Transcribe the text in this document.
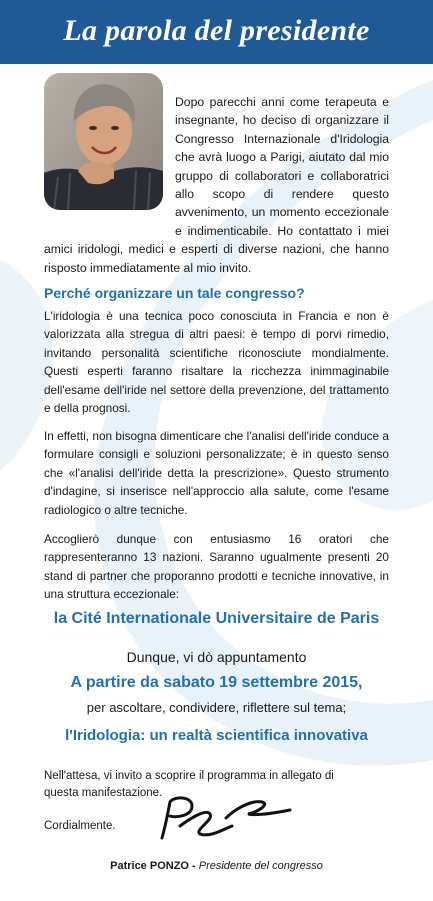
La parola del presidente
Dopo parecchi anni come terapeuta e insegnante, ho deciso di organizzare il Congresso Internazionale d'Iridologia che avrà luogo a Parigi, aiutato dal mio gruppo di collaboratori e collaboratrici allo scopo di rendere questo avvenimento, un momento eccezionale e indimenticabile. Ho contattato i miei amici iridologi, medici e esperti di diverse nazioni, che hanno risposto immediatamente al mio invito.
Perché organizzare un tale congresso?
L'iridologia è una tecnica poco conosciuta in Francia e non è valorizzata alla stregua di altri paesi: è tempo di porvi rimedio, invitando personalità scientifiche riconosciute mondialmente. Questi esperti faranno risaltare la ricchezza inimmaginabile dell'esame dell'iride nel settore della prevenzione, del trattamento e della prognosi.
In effetti, non bisogna dimenticare che l'analisi dell'iride conduce a formulare consigli e soluzioni personalizzate; è in questo senso che «l'analisi dell'iride detta la prescrizione». Questo strumento d'indagine, si inserisce nell'approccio alla salute, come l'esame radiologico o altre tecniche.
Accoglierò dunque con entusiasmo 16 oratori che rappresenteranno 13 nazioni. Saranno ugualmente presenti 20 stand di partner che proporanno prodotti e tecniche innovative, in una struttura eccezionale:
la Cité Internationale Universitaire de Paris
Dunque, vi dò appuntamento
A partire da sabato 19 settembre 2015,
per ascoltare, condividere, riflettere sul tema;
l'Iridologia: un realtà scientifica innovativa
Nell'attesa, vi invito a scoprire il programma in allegato di questa manifestazione.
Cordialmente.
Patrice PONZO - Presidente del congresso
